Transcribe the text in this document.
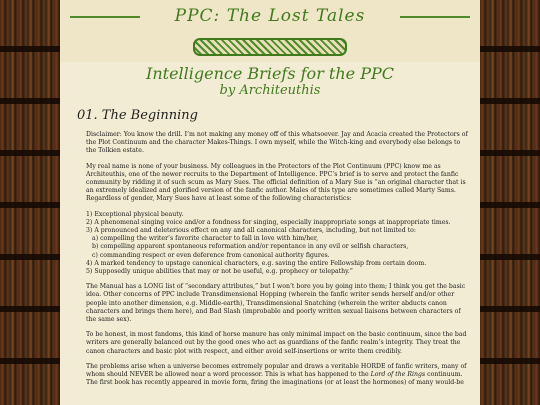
PPC: The Lost Tales
Intelligence Briefs for the PPC
by Architeuthis
01. The Beginning

Disclaimer: You know the drill. I’m not making any money off of this whatsoever. Jay and Acacia created the Protectors of the Plot Continuum and the character Makes-Things. I own myself, while the Witch-king and everybody else belongs to the Tolkien estate.

My real name is none of your business. My colleagues in the Protectors of the Plot Continuum (PPC) know me as Architeuthis, one of the newer recruits to the Department of Intelligence. PPC’s brief is to serve and protect the fanfic community by ridding it of such scum as Mary Sues. The official definition of a Mary Sue is “an original character that is an extremely idealized and glorified version of the fanfic author. Males of this type are sometimes called Marty Sams. Regardless of gender, Mary Sues have at least some of the following characteristics:

1) Exceptional physical beauty.
2) A phenomenal singing voice and/or a fondness for singing, especially inappropriate songs at inappropriate times.
3) A pronounced and deleterious effect on any and all canonical characters, including, but not limited to:
a) compelling the writer’s favorite character to fall in love with him/her,
b) compelling apparent spontaneous reformation and/or repentance in any evil or selfish characters,
c) commanding respect or even deference from canonical authority figures.
4) A marked tendency to upstage canonical characters, e.g. saving the entire Fellowship from certain doom.
5) Supposedly unique abilities that may or not be useful, e.g. prophecy or telepathy.”

The Manual has a LONG list of “secondary attributes,” but I won’t bore you by going into them; I think you get the basic idea. Other concerns of PPC include Transdimensional Hopping (wherein the fanfic writer sends herself and/or other people into another dimension, e.g. Middle-earth), Transdimensional Snatching (wherein the writer abducts canon characters and brings them here), and Bad Slash (improbable and poorly written sexual liaisons between characters of the same sex).

To be honest, in most fandoms, this kind of horse manure has only minimal impact on the basic continuum, since the bad writers are generally balanced out by the good ones who act as guardians of the fanfic realm’s integrity. They treat the canon characters and basic plot with respect, and either avoid self-insertions or write them credibly.

The problems arise when a universe becomes extremely popular and draws a veritable HORDE of fanfic writers, many of whom should NEVER be allowed near a word processor. This is what has happened to the Lord of the Rings continuum. The first book has recently appeared in movie form, firing the imaginations (or at least the hormones) of many would-be
